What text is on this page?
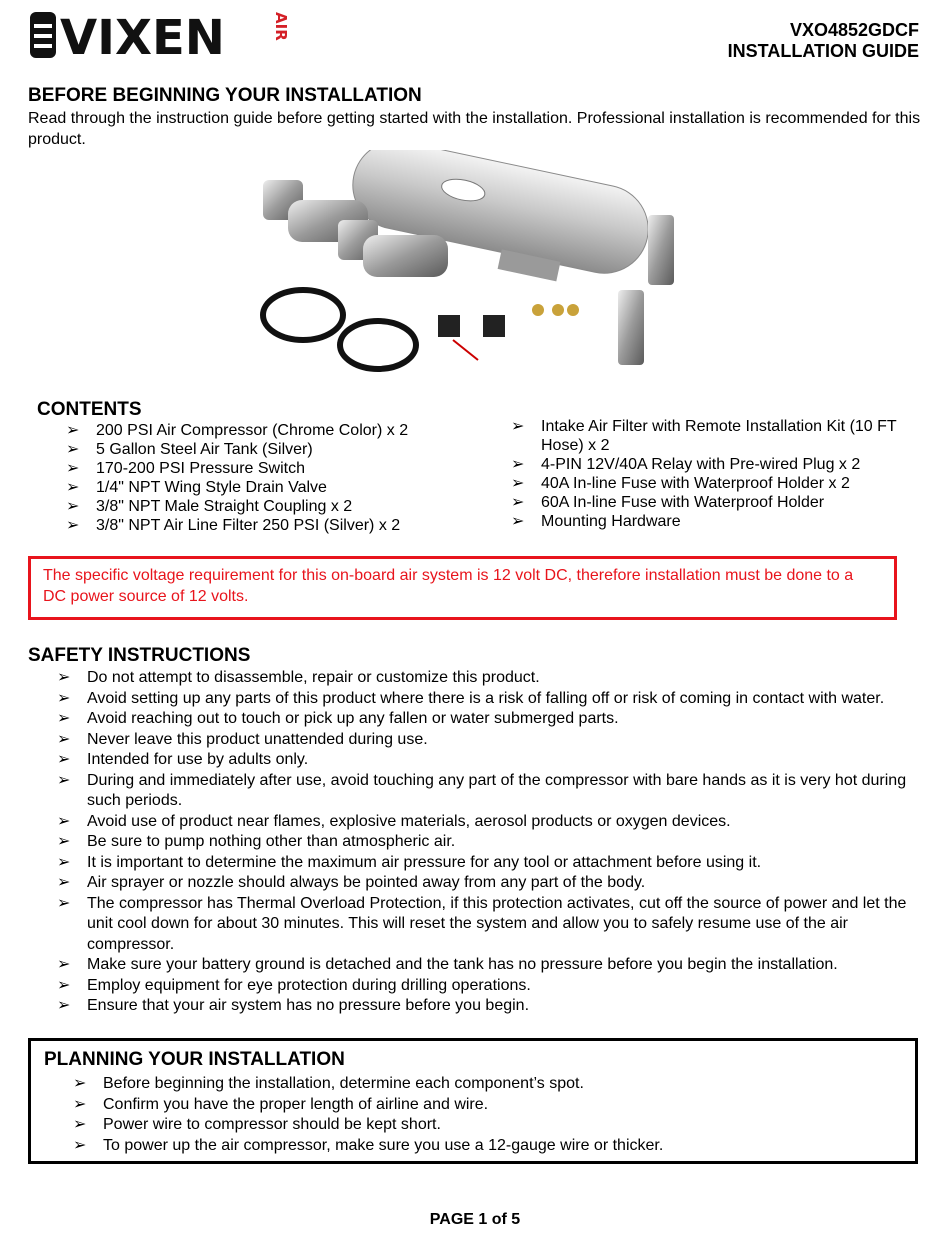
VIXEN	AIR	VXO4852GDCF
INSTALLATION GUIDE
BEFORE BEGINNING YOUR INSTALLATION
Read through the instruction guide before getting started with the installation. Professional installation is recommended for this product.
CONTENTS
➢ 200 PSI Air Compressor (Chrome Color) x 2
➢ 5 Gallon Steel Air Tank (Silver)
➢ 170-200 PSI Pressure Switch
➢ 1/4" NPT Wing Style Drain Valve
➢ 3/8" NPT Male Straight Coupling x 2
➢ 3/8" NPT Air Line Filter 250 PSI (Silver) x 2
➢ Intake Air Filter with Remote Installation Kit (10 FT Hose) x 2
➢ 4-PIN 12V/40A Relay with Pre-wired Plug x 2
➢ 40A In-line Fuse with Waterproof Holder x 2
➢ 60A In-line Fuse with Waterproof Holder
➢ Mounting Hardware
The specific voltage requirement for this on-board air system is 12 volt DC, therefore installation must be done to a DC power source of 12 volts.
SAFETY INSTRUCTIONS
➢ Do not attempt to disassemble, repair or customize this product.
➢ Avoid setting up any parts of this product where there is a risk of falling off or risk of coming in contact with water.
➢ Avoid reaching out to touch or pick up any fallen or water submerged parts.
➢ Never leave this product unattended during use.
➢ Intended for use by adults only.
➢ During and immediately after use, avoid touching any part of the compressor with bare hands as it is very hot during such periods.
➢ Avoid use of product near flames, explosive materials, aerosol products or oxygen devices.
➢ Be sure to pump nothing other than atmospheric air.
➢ It is important to determine the maximum air pressure for any tool or attachment before using it.
➢ Air sprayer or nozzle should always be pointed away from any part of the body.
➢ The compressor has Thermal Overload Protection, if this protection activates, cut off the source of power and let the unit cool down for about 30 minutes. This will reset the system and allow you to safely resume use of the air compressor.
➢ Make sure your battery ground is detached and the tank has no pressure before you begin the installation.
➢ Employ equipment for eye protection during drilling operations.
➢ Ensure that your air system has no pressure before you begin.
PLANNING YOUR INSTALLATION
➢ Before beginning the installation, determine each component’s spot.
➢ Confirm you have the proper length of airline and wire.
➢ Power wire to compressor should be kept short.
➢ To power up the air compressor, make sure you use a 12-gauge wire or thicker.
PAGE 1 of 5
